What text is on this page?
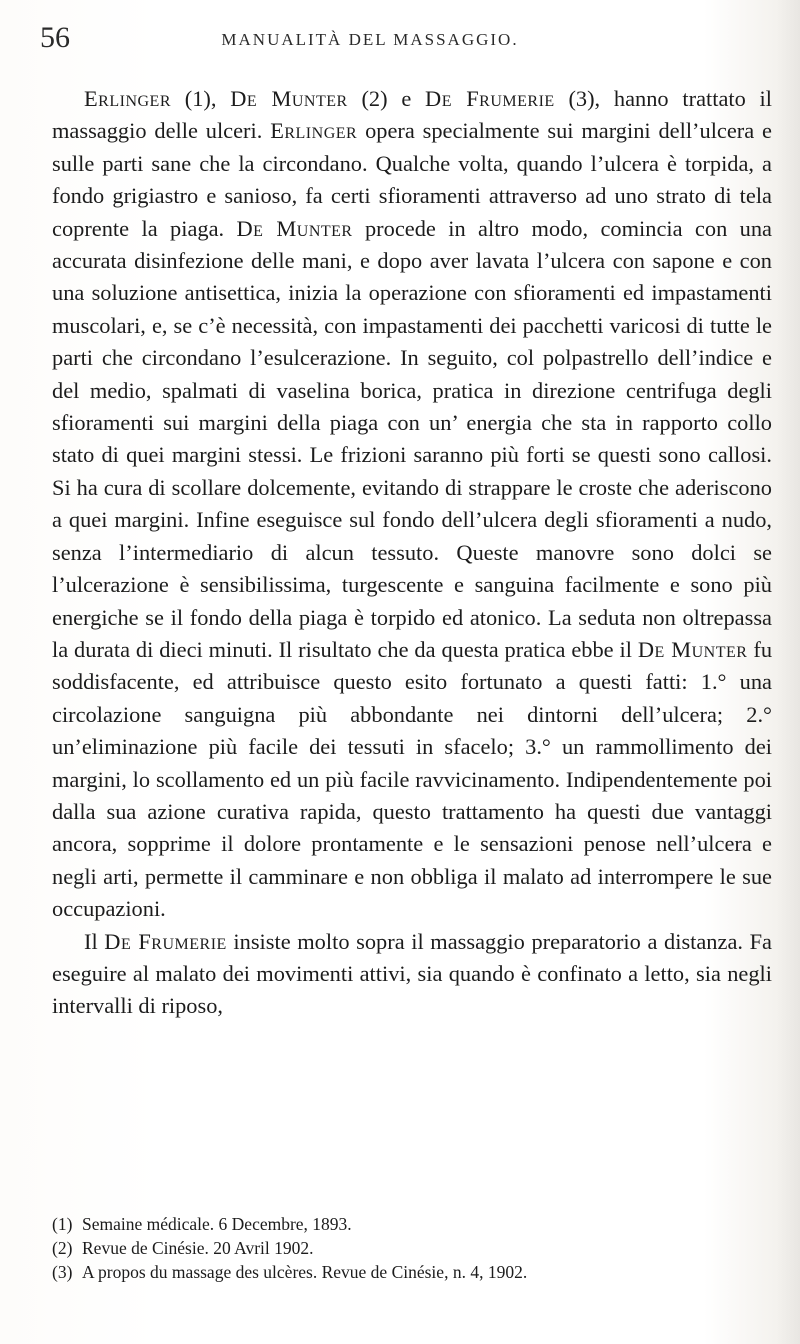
56	MANUALITÀ DEL MASSAGGIO.

Erlinger (1), De Munter (2) e De Frumerie (3), hanno trattato il massaggio delle ulceri. Erlinger opera specialmente sui margini dell’ulcera e sulle parti sane che la circondano. Qualche volta, quando l’ulcera è torpida, a fondo grigiastro e sanioso, fa certi sfioramenti attraverso ad uno strato di tela coprente la piaga. De Munter procede in altro modo, comincia con una accurata disinfezione delle mani, e dopo aver lavata l’ulcera con sapone e con una soluzione antisettica, inizia la operazione con sfioramenti ed impastamenti muscolari, e, se c’è necessità, con impastamenti dei pacchetti varicosi di tutte le parti che circondano l’esulcerazione. In seguito, col polpastrello dell’indice e del medio, spalmati di vaselina borica, pratica in direzione centrifuga degli sfioramenti sui margini della piaga con un’ energia che sta in rapporto collo stato di quei margini stessi. Le frizioni saranno più forti se questi sono callosi. Si ha cura di scollare dolcemente, evitando di strappare le croste che aderiscono a quei margini. Infine eseguisce sul fondo dell’ulcera degli sfioramenti a nudo, senza l’intermediario di alcun tessuto. Queste manovre sono dolci se l’ulcerazione è sensibilissima, turgescente e sanguina facilmente e sono più energiche se il fondo della piaga è torpido ed atonico. La seduta non oltrepassa la durata di dieci minuti. Il risultato che da questa pratica ebbe il De Munter fu soddisfacente, ed attribuisce questo esito fortunato a questi fatti: 1.° una circolazione sanguigna più abbondante nei dintorni dell’ulcera; 2.° un’eliminazione più facile dei tessuti in sfacelo; 3.° un rammollimento dei margini, lo scollamento ed un più facile ravvicinamento. Indipendentemente poi dalla sua azione curativa rapida, questo trattamento ha questi due vantaggi ancora, sopprime il dolore prontamente e le sensazioni penose nell’ulcera e negli arti, permette il camminare e non obbliga il malato ad interrompere le sue occupazioni.

Il De Frumerie insiste molto sopra il massaggio preparatorio a distanza. Fa eseguire al malato dei movimenti attivi, sia quando è confinato a letto, sia negli intervalli di riposo,

(1) Semaine médicale. 6 Decembre, 1893.
(2) Revue de Cinésie. 20 Avril 1902.
(3) A propos du massage des ulcères. Revue de Cinésie, n. 4, 1902.
